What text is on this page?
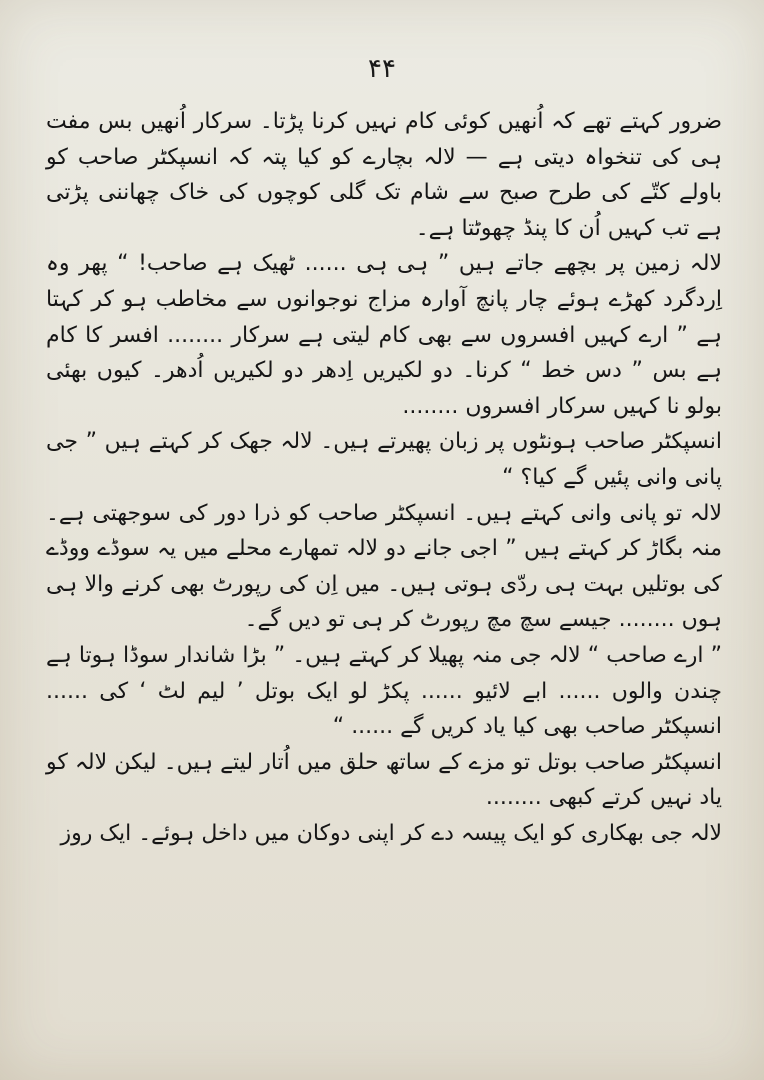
۴۴

ضرور کہتے تھے کہ اُنھیں کوئی کام نہیں کرنا پڑتا۔ سرکار اُنھیں بس مفت ہی کی تنخواہ دیتی ہے — لالہ بچارے کو کیا پتہ کہ انسپکٹر صاحب کو باولے کتّے کی طرح صبح سے شام تک گلی کوچوں کی خاک چھاننی پڑتی ہے تب کہیں اُن کا پنڈ چھوٹتا ہے۔

لالہ زمین پر بچھے جاتے ہیں ” ہی ہی ...... ٹھیک ہے صاحب! “ پھر وہ اِردگرد کھڑے ہوئے چار پانچ آوارہ مزاج نوجوانوں سے مخاطب ہو کر کہتا ہے ” ارے کہیں افسروں سے بھی کام لیتی ہے سرکار ........ افسر کا کام ہے بس ” دس خط “ کرنا۔ دو لکیریں اِدھر دو لکیریں اُدھر۔ کیوں بھئی بولو نا کہیں سرکار افسروں ........

انسپکٹر صاحب ہونٹوں پر زبان پھیرتے ہیں۔ لالہ جھک کر کہتے ہیں ” جی پانی وانی پئیں گے کیا؟ “

لالہ تو پانی وانی کہتے ہیں۔ انسپکٹر صاحب کو ذرا دور کی سوجھتی ہے۔ منہ بگاڑ کر کہتے ہیں ” اجی جانے دو لالہ تمھارے محلے میں یہ سوڈے ووڈے کی بوتلیں بہت ہی ردّی ہوتی ہیں۔ میں اِن کی رپورٹ بھی کرنے والا ہی ہوں ........ جیسے سچ مچ رپورٹ کر ہی تو دیں گے۔

” ارے صاحب “ لالہ جی منہ پھیلا کر کہتے ہیں۔ ” بڑا شاندار سوڈا ہوتا ہے چندن والوں ...... ابے لائیو ...... پکڑ لو ایک بوتل ’ لیم لٹ ‘ کی ...... انسپکٹر صاحب بھی کیا یاد کریں گے ...... “

انسپکٹر صاحب بوتل تو مزے کے ساتھ حلق میں اُتار لیتے ہیں۔ لیکن لالہ کو یاد نہیں کرتے کبھی ........

لالہ جی بھکاری کو ایک پیسہ دے کر اپنی دوکان میں داخل ہوئے۔ ایک روز
